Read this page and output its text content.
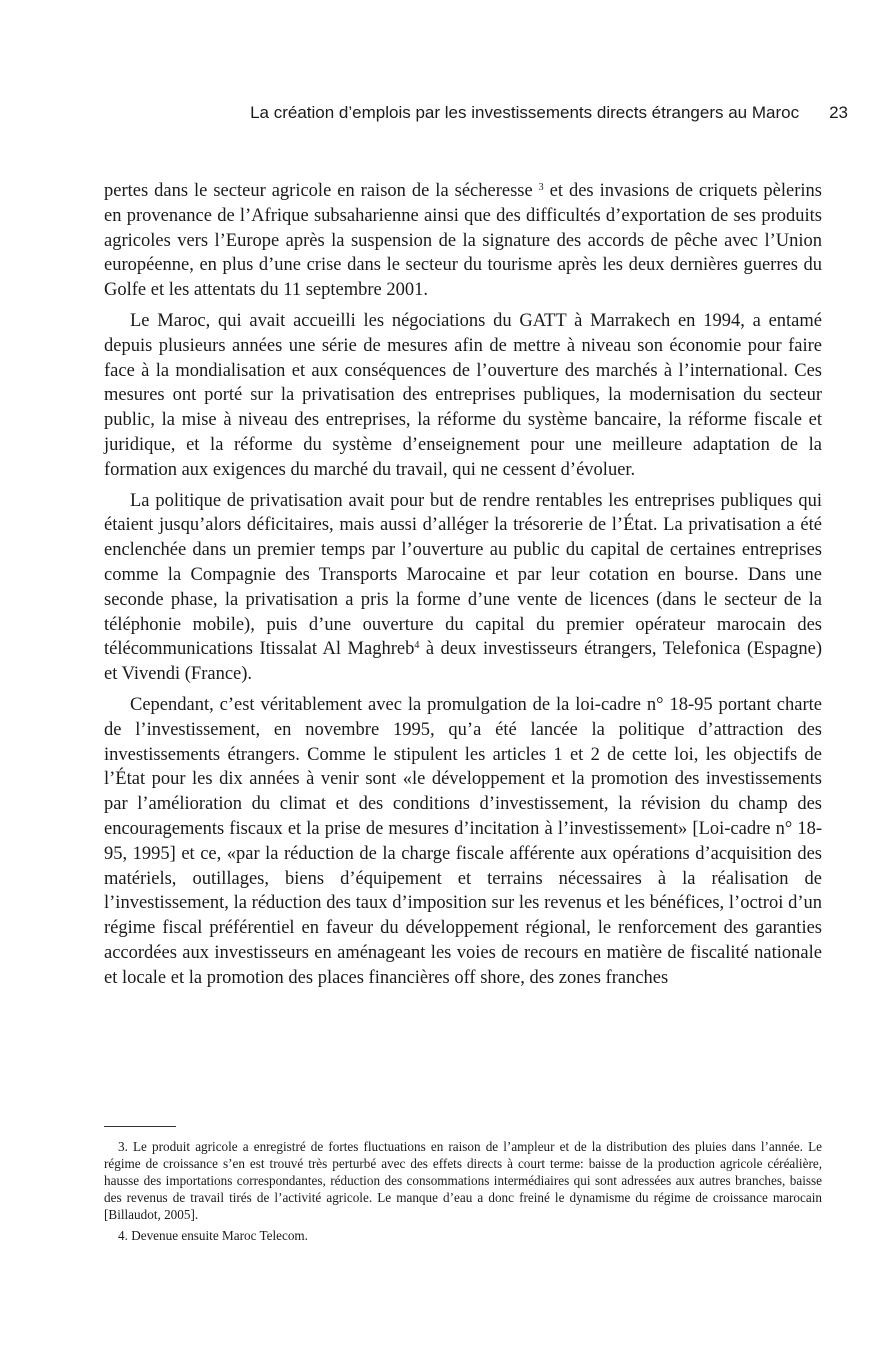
La création d’emplois par les investissements directs étrangers au Maroc 23

pertes dans le secteur agricole en raison de la sécheresse $^3$ et des invasions de criquets pèlerins en provenance de l’Afrique subsaharienne ainsi que des difficultés d’exportation de ses produits agricoles vers l’Europe après la suspension de la signature des accords de pêche avec l’Union européenne, en plus d’une crise dans le secteur du tourisme après les deux dernières guerres du Golfe et les attentats du 11 septembre 2001.

Le Maroc, qui avait accueilli les négociations du GATT à Marrakech en 1994, a entamé depuis plusieurs années une série de mesures afin de mettre à niveau son économie pour faire face à la mondialisation et aux conséquences de l’ouverture des marchés à l’international. Ces mesures ont porté sur la privatisation des entreprises publiques, la modernisation du secteur public, la mise à niveau des entreprises, la réforme du système bancaire, la réforme fiscale et juridique, et la réforme du système d’enseignement pour une meilleure adaptation de la formation aux exigences du marché du travail, qui ne cessent d’évoluer.

La politique de privatisation avait pour but de rendre rentables les entreprises publiques qui étaient jusqu’alors déficitaires, mais aussi d’alléger la trésorerie de l’État. La privatisation a été enclenchée dans un premier temps par l’ouverture au public du capital de certaines entreprises comme la Compagnie des Transports Marocaine et par leur cotation en bourse. Dans une seconde phase, la privatisation a pris la forme d’une vente de licences (dans le secteur de la téléphonie mobile), puis d’une ouverture du capital du premier opérateur marocain des télécommunications Itissalat Al Maghreb$^4$ à deux investisseurs étrangers, Telefonica (Espagne) et Vivendi (France).

Cependant, c’est véritablement avec la promulgation de la loi-cadre n° 18-95 portant charte de l’investissement, en novembre 1995, qu’a été lancée la politique d’attraction des investissements étrangers. Comme le stipulent les articles 1 et 2 de cette loi, les objectifs de l’État pour les dix années à venir sont «le développement et la promotion des investissements par l’amélioration du climat et des conditions d’investissement, la révision du champ des encouragements fiscaux et la prise de mesures d’incitation à l’investissement» [Loi-cadre n° 18-95, 1995] et ce, «par la réduction de la charge fiscale afférente aux opérations d’acquisition des matériels, outillages, biens d’équipement et terrains nécessaires à la réalisation de l’investissement, la réduction des taux d’imposition sur les revenus et les bénéfices, l’octroi d’un régime fiscal préférentiel en faveur du développement régional, le renforcement des garanties accordées aux investisseurs en aménageant les voies de recours en matière de fiscalité nationale et locale et la promotion des places financières off shore, des zones franches

3. Le produit agricole a enregistré de fortes fluctuations en raison de l’ampleur et de la distribution des pluies dans l’année. Le régime de croissance s’en est trouvé très perturbé avec des effets directs à court terme: baisse de la production agricole céréalière, hausse des importations correspondantes, réduction des consommations intermédiaires qui sont adressées aux autres branches, baisse des revenus de travail tirés de l’activité agricole. Le manque d’eau a donc freiné le dynamisme du régime de croissance marocain [Billaudot, 2005].

4. Devenue ensuite Maroc Telecom.
